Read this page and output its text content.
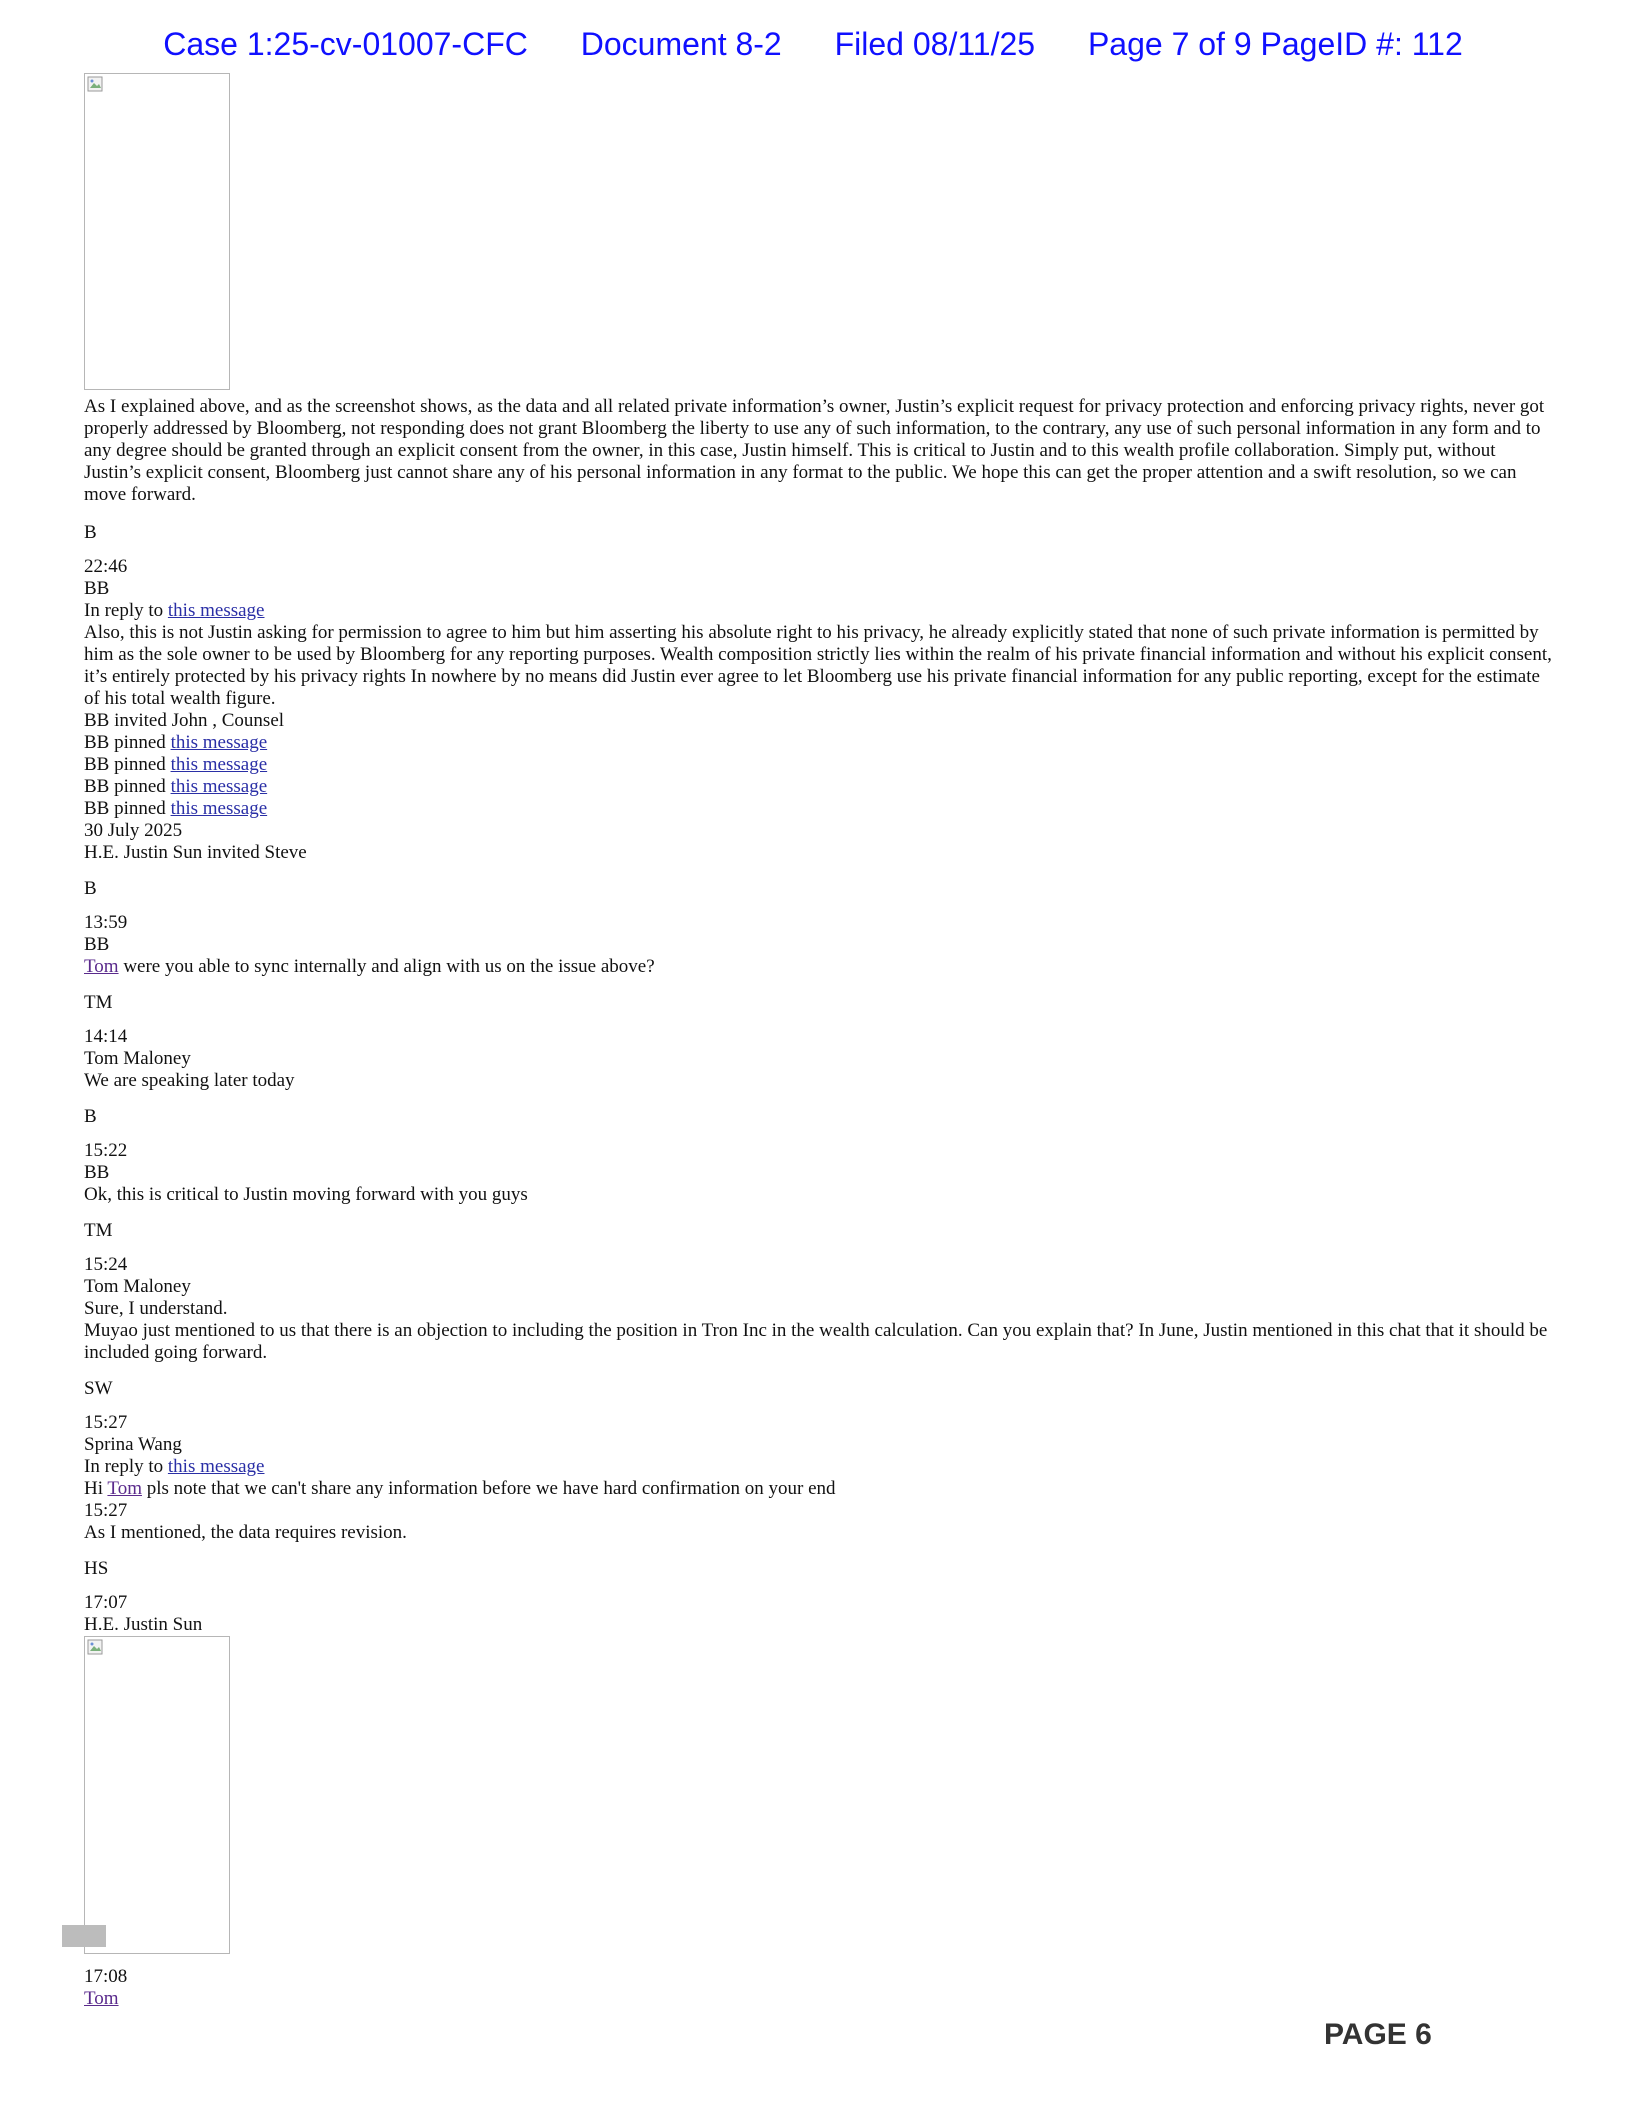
Case 1:25-cv-01007-CFC Document 8-2 Filed 08/11/25 Page 7 of 9 PageID #: 112
As I explained above, and as the screenshot shows, as the data and all related private information’s owner, Justin’s explicit request for privacy protection and enforcing privacy rights, never got properly addressed by Bloomberg, not responding does not grant Bloomberg the liberty to use any of such information, to the contrary, any use of such personal information in any form and to any degree should be granted through an explicit consent from the owner, in this case, Justin himself. This is critical to Justin and to this wealth profile collaboration. Simply put, without Justin’s explicit consent, Bloomberg just cannot share any of his personal information in any format to the public. We hope this can get the proper attention and a swift resolution, so we can move forward.
B
22:46
BB
In reply to this message
Also, this is not Justin asking for permission to agree to him but him asserting his absolute right to his privacy, he already explicitly stated that none of such private information is permitted by him as the sole owner to be used by Bloomberg for any reporting purposes. Wealth composition strictly lies within the realm of his private financial information and without his explicit consent, it’s entirely protected by his privacy rights In nowhere by no means did Justin ever agree to let Bloomberg use his private financial information for any public reporting, except for the estimate of his total wealth figure.
BB invited John , Counsel
BB pinned this message
BB pinned this message
BB pinned this message
BB pinned this message
30 July 2025
H.E. Justin Sun invited Steve
B
13:59
BB
Tom were you able to sync internally and align with us on the issue above?
TM
14:14
Tom Maloney
We are speaking later today
B
15:22
BB
Ok, this is critical to Justin moving forward with you guys
TM
15:24
Tom Maloney
Sure, I understand.
Muyao just mentioned to us that there is an objection to including the position in Tron Inc in the wealth calculation. Can you explain that? In June, Justin mentioned in this chat that it should be included going forward.
SW
15:27
Sprina Wang
In reply to this message
Hi Tom pls note that we can't share any information before we have hard confirmation on your end
15:27
As I mentioned, the data requires revision.
HS
17:07
H.E. Justin Sun
17:08
Tom
PAGE 6
